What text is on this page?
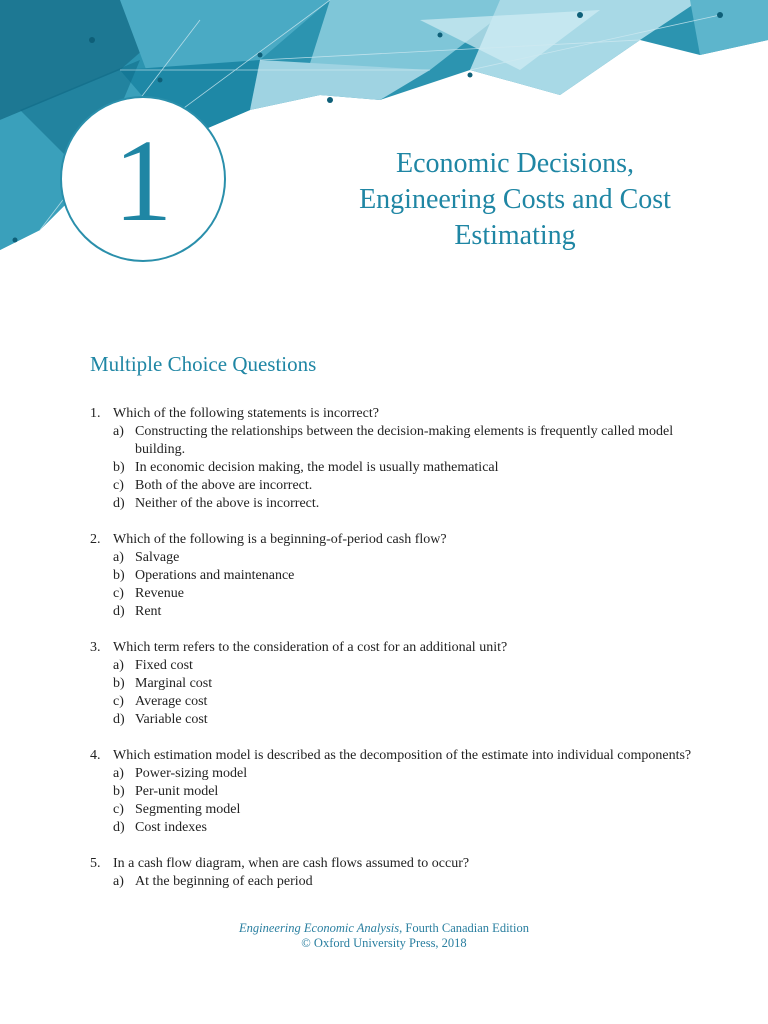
1	Economic Decisions,
Engineering Costs and Cost
Estimating
Multiple Choice Questions
1. Which of the following statements is incorrect?
a) Constructing the relationships between the decision-making elements is frequently called model building.
b) In economic decision making, the model is usually mathematical
c) Both of the above are incorrect.
d) Neither of the above is incorrect.
2. Which of the following is a beginning-of-period cash flow?
a) Salvage
b) Operations and maintenance
c) Revenue
d) Rent
3. Which term refers to the consideration of a cost for an additional unit?
a) Fixed cost
b) Marginal cost
c) Average cost
d) Variable cost
4. Which estimation model is described as the decomposition of the estimate into individual components?
a) Power-sizing model
b) Per-unit model
c) Segmenting model
d) Cost indexes
5. In a cash flow diagram, when are cash flows assumed to occur?
a) At the beginning of each period
Engineering Economic Analysis, Fourth Canadian Edition
© Oxford University Press, 2018
